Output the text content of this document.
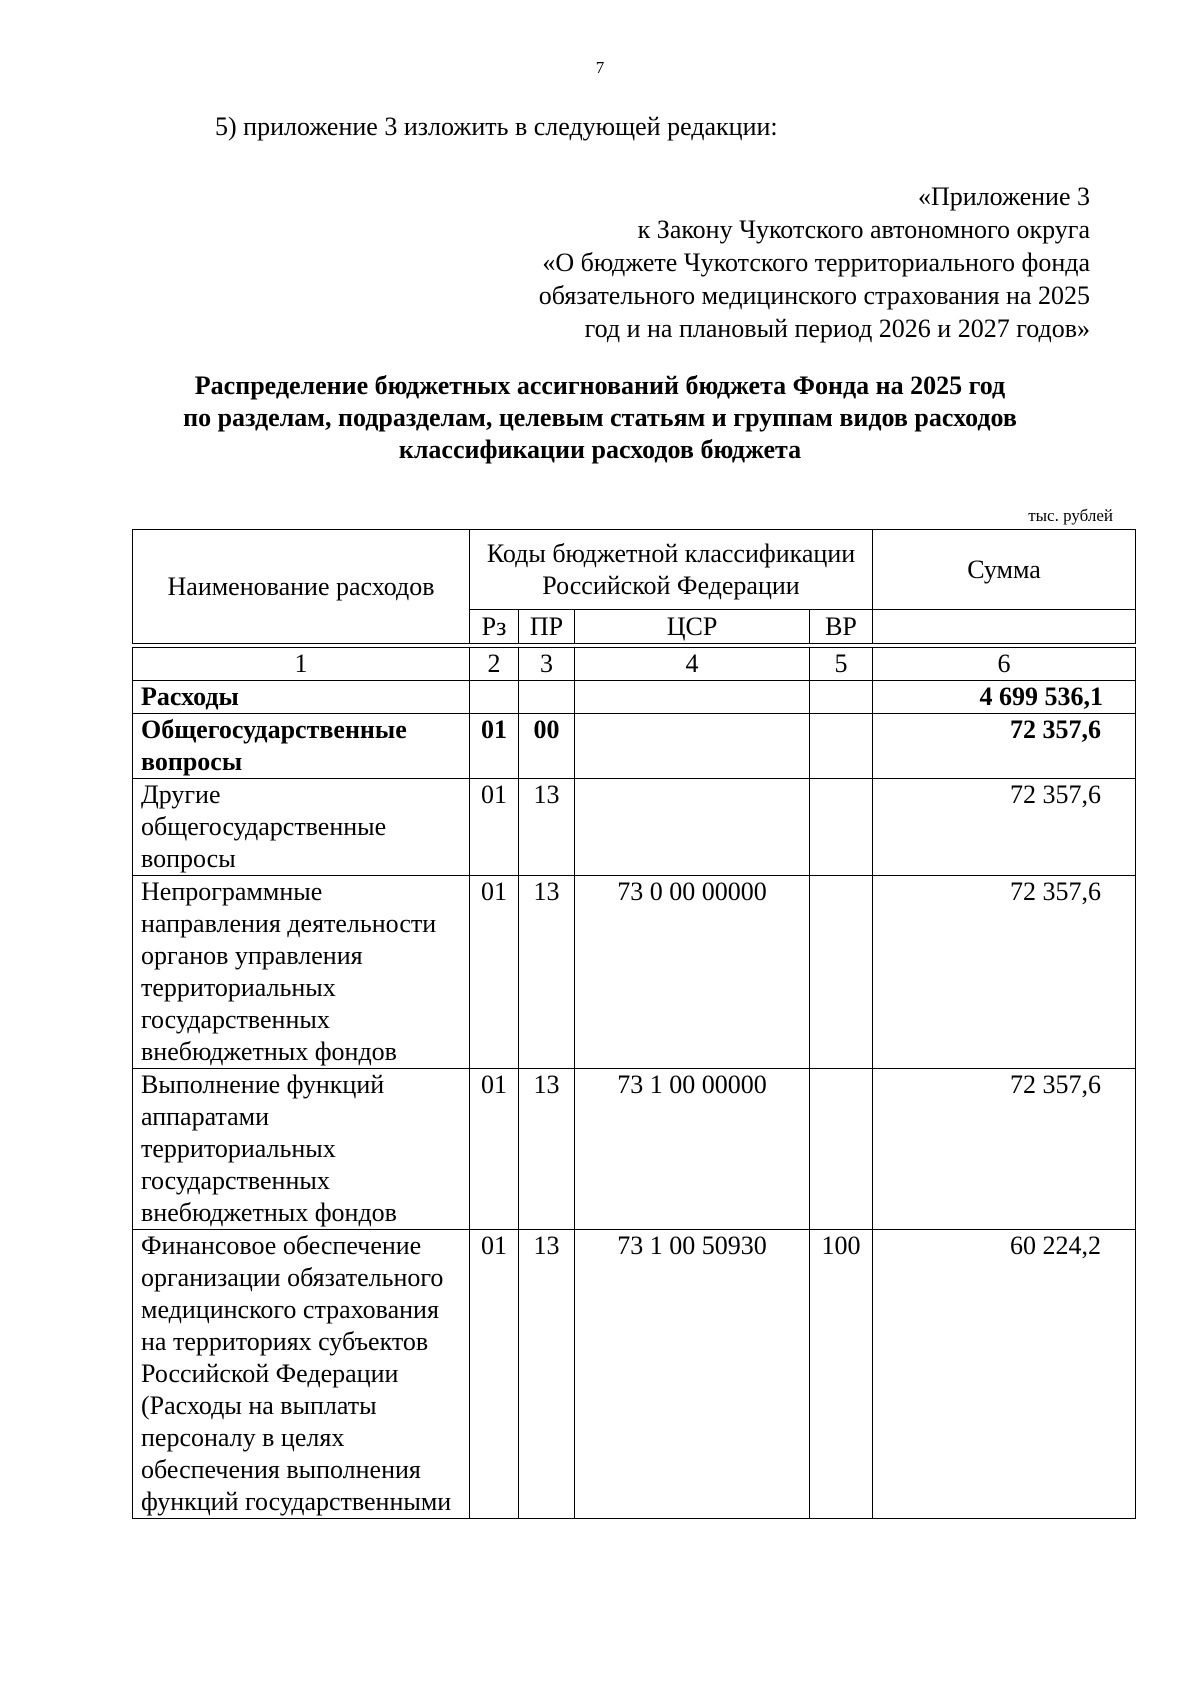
7
5) приложение 3 изложить в следующей редакции:
«Приложение 3
к Закону Чукотского автономного округа
«О бюджете Чукотского территориального фонда
обязательного медицинского страхования на 2025
год и на плановый период 2026 и 2027 годов»
Распределение бюджетных ассигнований бюджета Фонда на 2025 год
по разделам, подразделам, целевым статьям и группам видов расходов
классификации расходов бюджета
тыс. рублей
Наименование расходов	Коды бюджетной классификации Российской Федерации				Сумма
	Рз	ПР	ЦСР	ВР	
1	2	3	4	5	6
Расходы					4 699 536,1
Общегосударственные вопросы	01	00			72 357,6
Другие общегосударственные вопросы	01	13			72 357,6
Непрограммные направления деятельности органов управления территориальных государственных внебюджетных фондов	01	13	73 0 00 00000		72 357,6
Выполнение функций аппаратами территориальных государственных внебюджетных фондов	01	13	73 1 00 00000		72 357,6
Финансовое обеспечение организации обязательного медицинского страхования на территориях субъектов Российской Федерации (Расходы на выплаты персоналу в целях обеспечения выполнения функций государственными	01	13	73 1 00 50930	100	60 224,2
